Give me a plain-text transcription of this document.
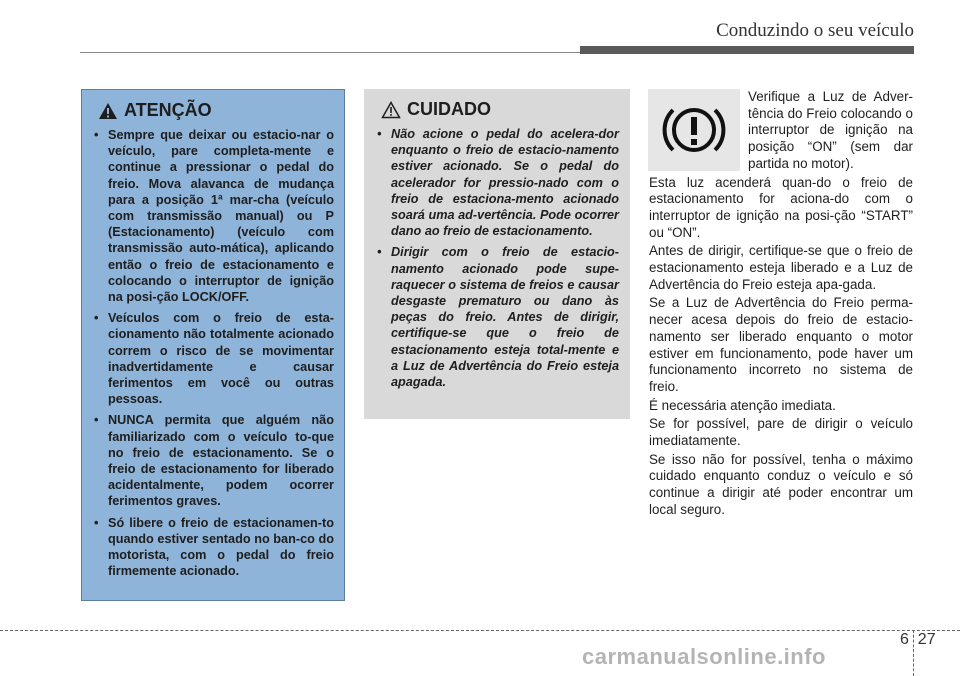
Conduzindo o seu veículo
ATENÇÃO
• Sempre que deixar ou estacio-nar o veículo, pare completa-mente e continue a pressionar o pedal do freio. Mova alavanca de mudança para a posição 1ª mar-cha (veículo com transmissão manual) ou P (Estacionamento) (veículo com transmissão auto-mática), aplicando então o freio de estacionamento e colocando o interruptor de ignição na posi-ção LOCK/OFF.
• Veículos com o freio de esta-cionamento não totalmente acionado correm o risco de se movimentar inadvertidamente e causar ferimentos em você ou outras pessoas.
• NUNCA permita que alguém não familiarizado com o veículo to-que no freio de estacionamento. Se o freio de estacionamento for liberado acidentalmente, podem ocorrer ferimentos graves.
• Só libere o freio de estacionamen-to quando estiver sentado no ban-co do motorista, com o pedal do freio firmemente acionado.
CUIDADO
• Não acione o pedal do acelera-dor enquanto o freio de estacio-namento estiver acionado. Se o pedal do acelerador for pressio-nado com o freio de estaciona-mento acionado soará uma ad-vertência. Pode ocorrer dano ao freio de estacionamento.
• Dirigir com o freio de estacio-namento acionado pode supe-raquecer o sistema de freios e causar desgaste prematuro ou dano às peças do freio. Antes de dirigir, certifique-se que o freio de estacionamento esteja total-mente e a Luz de Advertência do Freio esteja apagada.

Verifique a Luz de Adver-tência do Freio colocando o interruptor de ignição na posição “ON” (sem dar partida no motor).

Esta luz acenderá quan-do o freio de estacionamento for aciona-do com o interruptor de ignição na posi-ção “START” ou “ON”.

Antes de dirigir, certifique-se que o freio de estacionamento esteja liberado e a Luz de Advertência do Freio esteja apa-gada.

Se a Luz de Advertência do Freio perma-necer acesa depois do freio de estacio-namento ser liberado enquanto o motor estiver em funcionamento, pode haver um funcionamento incorreto no sistema de freio.

É necessária atenção imediata.

Se for possível, pare de dirigir o veículo imediatamente.

Se isso não for possível, tenha o máximo cuidado enquanto conduz o veículo e só continue a dirigir até poder encontrar um local seguro.

6 27
carmanualsonline.info
